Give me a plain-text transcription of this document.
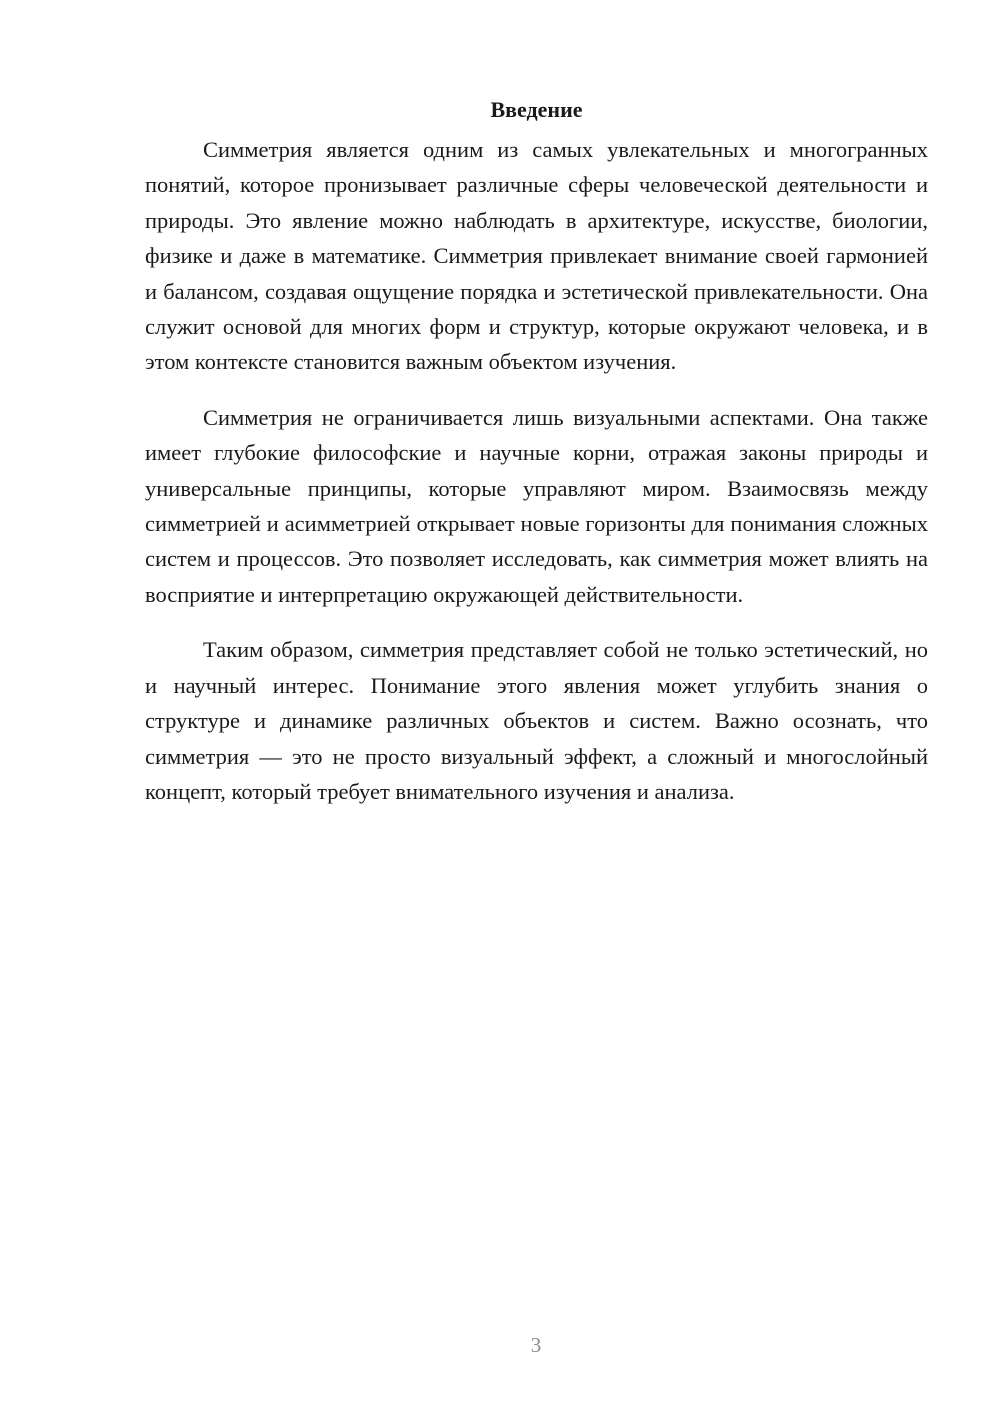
Введение

Симметрия является одним из самых увлекательных и многогранных понятий, которое пронизывает различные сферы человеческой деятельности и природы. Это явление можно наблюдать в архитектуре, искусстве, биологии, физике и даже в математике. Симметрия привлекает внимание своей гармонией и балансом, создавая ощущение порядка и эстетической привлекательности. Она служит основой для многих форм и структур, которые окружают человека, и в этом контексте становится важным объектом изучения.

Симметрия не ограничивается лишь визуальными аспектами. Она также имеет глубокие философские и научные корни, отражая законы природы и универсальные принципы, которые управляют миром. Взаимосвязь между симметрией и асимметрией открывает новые горизонты для понимания сложных систем и процессов. Это позволяет исследовать, как симметрия может влиять на восприятие и интерпретацию окружающей действительности.

Таким образом, симметрия представляет собой не только эстетический, но и научный интерес. Понимание этого явления может углубить знания о структуре и динамике различных объектов и систем. Важно осознать, что симметрия — это не просто визуальный эффект, а сложный и многослойный концепт, который требует внимательного изучения и анализа.

3
